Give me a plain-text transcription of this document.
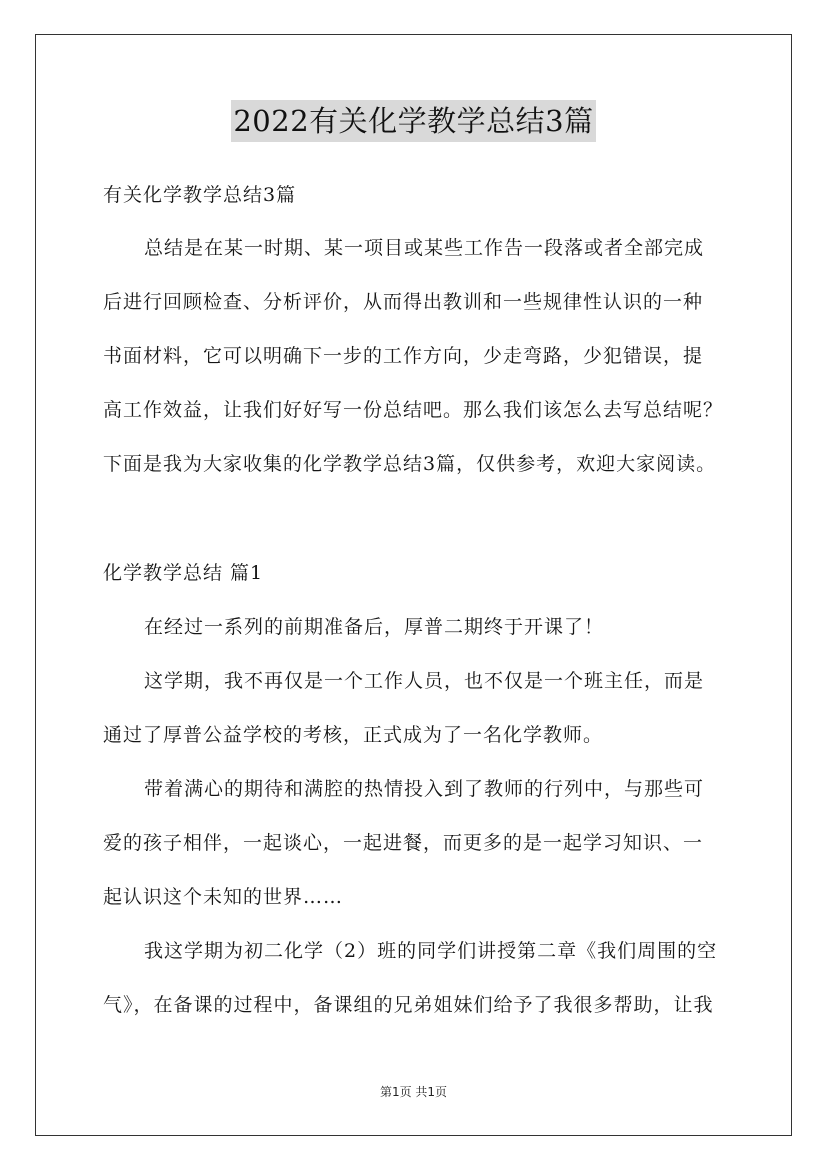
2022有关化学教学总结3篇
有关化学教学总结3篇
总结是在某一时期、某一项目或某些工作告一段落或者全部完成
后进行回顾检查、分析评价，从而得出教训和一些规律性认识的一种
书面材料，它可以明确下一步的工作方向，少走弯路，少犯错误，提
高工作效益，让我们好好写一份总结吧。那么我们该怎么去写总结呢？
下面是我为大家收集的化学教学总结3篇，仅供参考，欢迎大家阅读。
化学教学总结 篇1
在经过一系列的前期准备后，厚普二期终于开课了！
这学期，我不再仅是一个工作人员，也不仅是一个班主任，而是
通过了厚普公益学校的考核，正式成为了一名化学教师。
带着满心的期待和满腔的热情投入到了教师的行列中，与那些可
爱的孩子相伴，一起谈心，一起进餐，而更多的是一起学习知识、一
起认识这个未知的世界……
我这学期为初二化学（2）班的同学们讲授第二章《我们周围的空
气》，在备课的过程中，备课组的兄弟姐妹们给予了我很多帮助，让我
第1页 共1页
